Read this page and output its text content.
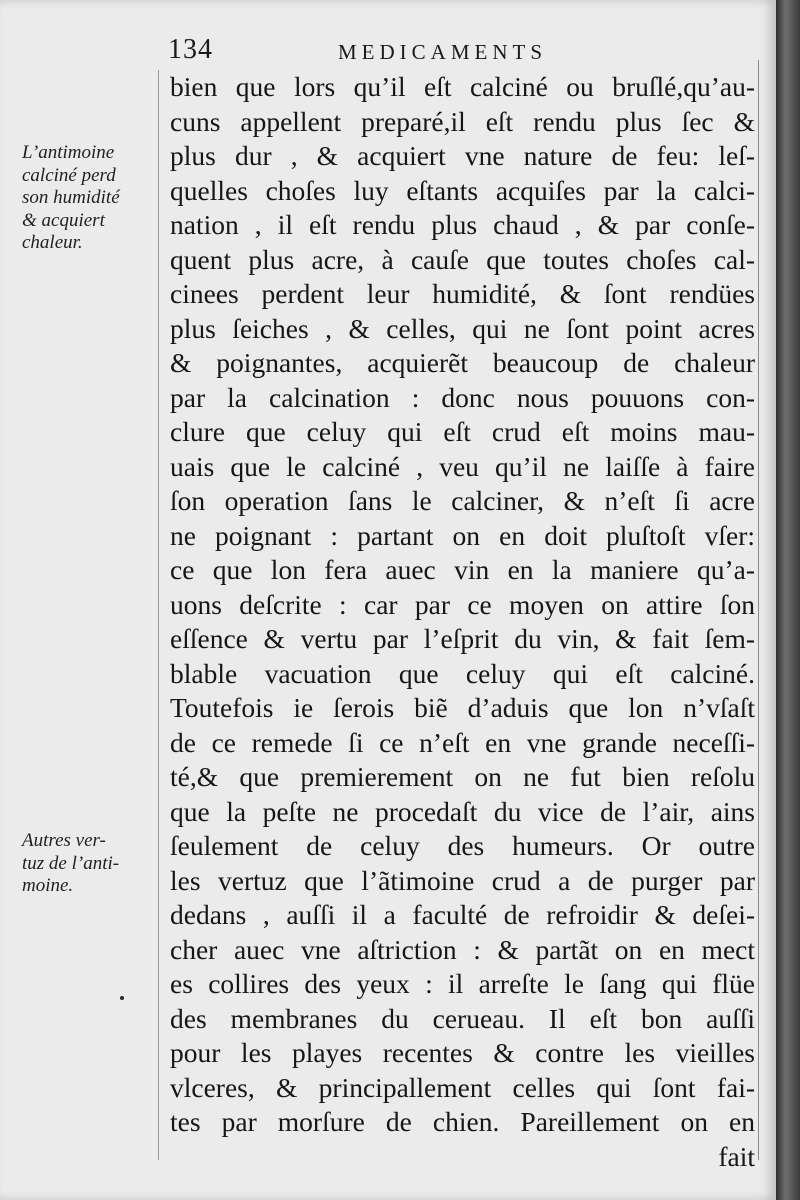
134	MEDICAMENTS
L’antimoine
calciné perd
son humidité
& acquiert
chaleur.
Autres ver-
tuz de l’anti-
moine.
bien que lors qu’il eſt calciné ou bruſlé,qu’au-
cuns appellent preparé,il eſt rendu plus ſec &
plus dur , & acquiert vne nature de feu: leſ-
quelles choſes luy eſtants acquiſes par la calci-
nation , il eſt rendu plus chaud , & par conſe-
quent plus acre, à cauſe que toutes choſes cal-
cinees perdent leur humidité, & ſont rendües
plus ſeiches , & celles, qui ne ſont point acres
& poignantes, acquierẽt beaucoup de chaleur
par la calcination : donc nous pouuons con-
clure que celuy qui eſt crud eſt moins mau-
uais que le calciné , veu qu’il ne laiſſe à faire
ſon operation ſans le calciner, & n’eſt ſi acre
ne poignant : partant on en doit pluſtoſt vſer:
ce que lon fera auec vin en la maniere qu’a-
uons deſcrite : car par ce moyen on attire ſon
eſſence & vertu par l’eſprit du vin, & fait ſem-
blable vacuation que celuy qui eſt calciné.
Toutefois ie ſerois biẽ d’aduis que lon n’vſaſt
de ce remede ſi ce n’eſt en vne grande neceſſi-
té,& que premierement on ne fut bien reſolu
que la peſte ne procedaſt du vice de l’air, ains
ſeulement de celuy des humeurs. Or outre
les vertuz que l’ãtimoine crud a de purger par
dedans , auſſi il a faculté de refroidir & deſei-
cher auec vne aſtriction : & partãt on en mect
es collires des yeux : il arreſte le ſang qui flüe
des membranes du cerueau. Il eſt bon auſſi
pour les playes recentes & contre les vieilles
vlceres, & principallement celles qui ſont fai-
tes par morſure de chien. Pareillement on en
fait
